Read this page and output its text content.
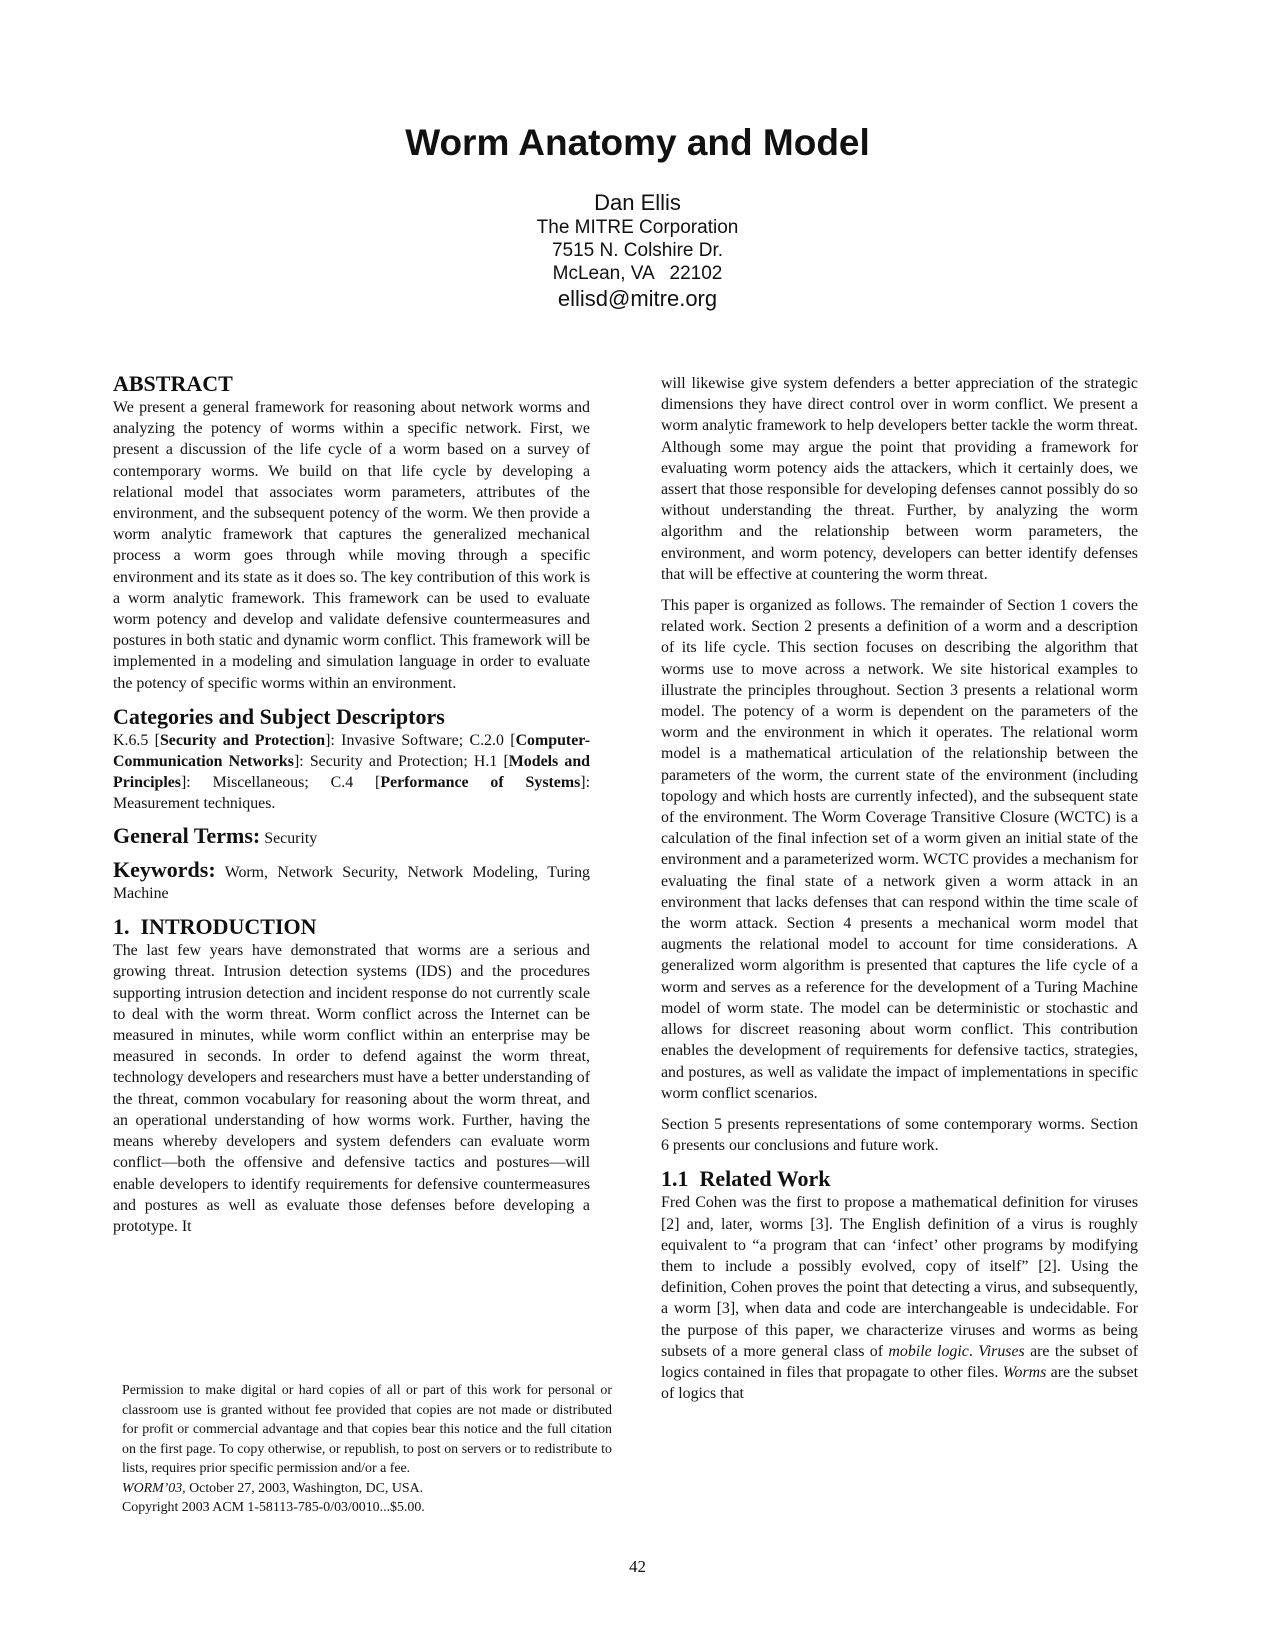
Worm Anatomy and Model
Dan Ellis
The MITRE Corporation
7515 N. Colshire Dr.
McLean, VA   22102
ellisd@mitre.org
ABSTRACT

We present a general framework for reasoning about network worms and analyzing the potency of worms within a specific network. First, we present a discussion of the life cycle of a worm based on a survey of contemporary worms. We build on that life cycle by developing a relational model that associates worm parameters, attributes of the environment, and the subsequent potency of the worm. We then provide a worm analytic framework that captures the generalized mechanical process a worm goes through while moving through a specific environment and its state as it does so. The key contribution of this work is a worm analytic framework. This framework can be used to evaluate worm potency and develop and validate defensive countermeasures and postures in both static and dynamic worm conflict. This framework will be implemented in a modeling and simulation language in order to evaluate the potency of specific worms within an environment.

Categories and Subject Descriptors

K.6.5 [Security and Protection]: Invasive Software; C.2.0 [Computer-Communication Networks]: Security and Protection; H.1 [Models and Principles]: Miscellaneous; C.4 [Performance of Systems]: Measurement techniques.

General Terms: Security

Keywords: Worm, Network Security, Network Modeling, Turing Machine

1.  INTRODUCTION

The last few years have demonstrated that worms are a serious and growing threat. Intrusion detection systems (IDS) and the procedures supporting intrusion detection and incident response do not currently scale to deal with the worm threat. Worm conflict across the Internet can be measured in minutes, while worm conflict within an enterprise may be measured in seconds. In order to defend against the worm threat, technology developers and researchers must have a better understanding of the threat, common vocabulary for reasoning about the worm threat, and an operational understanding of how worms work. Further, having the means whereby developers and system defenders can evaluate worm conflict—both the offensive and defensive tactics and postures—will enable developers to identify requirements for defensive countermeasures and postures as well as evaluate those defenses before developing a prototype. It

Permission to make digital or hard copies of all or part of this work for personal or classroom use is granted without fee provided that copies are not made or distributed for profit or commercial advantage and that copies bear this notice and the full citation on the first page. To copy otherwise, or republish, to post on servers or to redistribute to lists, requires prior specific permission and/or a fee.

WORM’03, October 27, 2003, Washington, DC, USA.

Copyright 2003 ACM 1-58113-785-0/03/0010...$5.00.

will likewise give system defenders a better appreciation of the strategic dimensions they have direct control over in worm conflict. We present a worm analytic framework to help developers better tackle the worm threat. Although some may argue the point that providing a framework for evaluating worm potency aids the attackers, which it certainly does, we assert that those responsible for developing defenses cannot possibly do so without understanding the threat. Further, by analyzing the worm algorithm and the relationship between worm parameters, the environment, and worm potency, developers can better identify defenses that will be effective at countering the worm threat.

This paper is organized as follows. The remainder of Section 1 covers the related work. Section 2 presents a definition of a worm and a description of its life cycle. This section focuses on describing the algorithm that worms use to move across a network. We site historical examples to illustrate the principles throughout. Section 3 presents a relational worm model. The potency of a worm is dependent on the parameters of the worm and the environment in which it operates. The relational worm model is a mathematical articulation of the relationship between the parameters of the worm, the current state of the environment (including topology and which hosts are currently infected), and the subsequent state of the environment. The Worm Coverage Transitive Closure (WCTC) is a calculation of the final infection set of a worm given an initial state of the environment and a parameterized worm. WCTC provides a mechanism for evaluating the final state of a network given a worm attack in an environment that lacks defenses that can respond within the time scale of the worm attack. Section 4 presents a mechanical worm model that augments the relational model to account for time considerations. A generalized worm algorithm is presented that captures the life cycle of a worm and serves as a reference for the development of a Turing Machine model of worm state. The model can be deterministic or stochastic and allows for discreet reasoning about worm conflict. This contribution enables the development of requirements for defensive tactics, strategies, and postures, as well as validate the impact of implementations in specific worm conflict scenarios.

Section 5 presents representations of some contemporary worms. Section 6 presents our conclusions and future work.

1.1  Related Work

Fred Cohen was the first to propose a mathematical definition for viruses [2] and, later, worms [3]. The English definition of a virus is roughly equivalent to “a program that can ‘infect’ other programs by modifying them to include a possibly evolved, copy of itself” [2]. Using the definition, Cohen proves the point that detecting a virus, and subsequently, a worm [3], when data and code are interchangeable is undecidable. For the purpose of this paper, we characterize viruses and worms as being subsets of a more general class of mobile logic. Viruses are the subset of logics contained in files that propagate to other files. Worms are the subset of logics that

42
